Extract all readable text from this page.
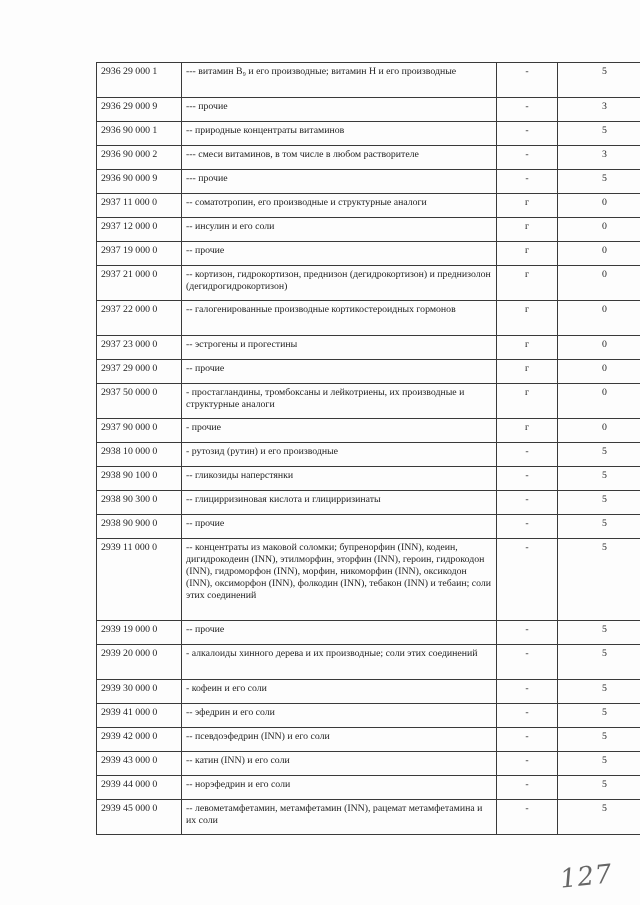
2936 29 000 1	--- витамин B₉ и его производные; витамин H и его производные	-	5
2936 29 000 9	--- прочие	-	3
2936 90 000 1	-- природные концентраты витаминов	-	5
2936 90 000 2	--- смеси витаминов, в том числе в любом растворителе	-	3
2936 90 000 9	--- прочие	-	5
2937 11 000 0	-- соматотропин, его производные и структурные аналоги	г	0
2937 12 000 0	-- инсулин и его соли	г	0
2937 19 000 0	-- прочие	г	0
2937 21 000 0	-- кортизон, гидрокортизон, преднизон (дегидрокортизон) и преднизолон (дегидрогидрокортизон)	г	0
2937 22 000 0	-- галогенированные производные кортикостероидных гормонов	г	0
2937 23 000 0	-- эстрогены и прогестины	г	0
2937 29 000 0	-- прочие	г	0
2937 50 000 0	- простагландины, тромбоксаны и лейкотриены, их производные и структурные аналоги	г	0
2937 90 000 0	- прочие	г	0
2938 10 000 0	- рутозид (рутин) и его производные	-	5
2938 90 100 0	-- гликозиды наперстянки	-	5
2938 90 300 0	-- глицирризиновая кислота и глицирризинаты	-	5
2938 90 900 0	-- прочие	-	5
2939 11 000 0	-- концентраты из маковой соломки; бупренорфин (INN), кодеин, дигидрокодеин (INN), этилморфин, эторфин (INN), героин, гидрокодон (INN), гидроморфон (INN), морфин, никоморфин (INN), оксикодон (INN), оксиморфон (INN), фолкодин (INN), тебакон (INN) и тебаин; соли этих соединений	-	5
2939 19 000 0	-- прочие	-	5
2939 20 000 0	- алкалоиды хинного дерева и их производные; соли этих соединений	-	5
2939 30 000 0	- кофеин и его соли	-	5
2939 41 000 0	-- эфедрин и его соли	-	5
2939 42 000 0	-- псевдоэфедрин (INN) и его соли	-	5
2939 43 000 0	-- катин (INN) и его соли	-	5
2939 44 000 0	-- норэфедрин и его соли	-	5
2939 45 000 0	-- левометамфетамин, метамфетамин (INN), рацемат метамфетамина и их соли	-	5
127
